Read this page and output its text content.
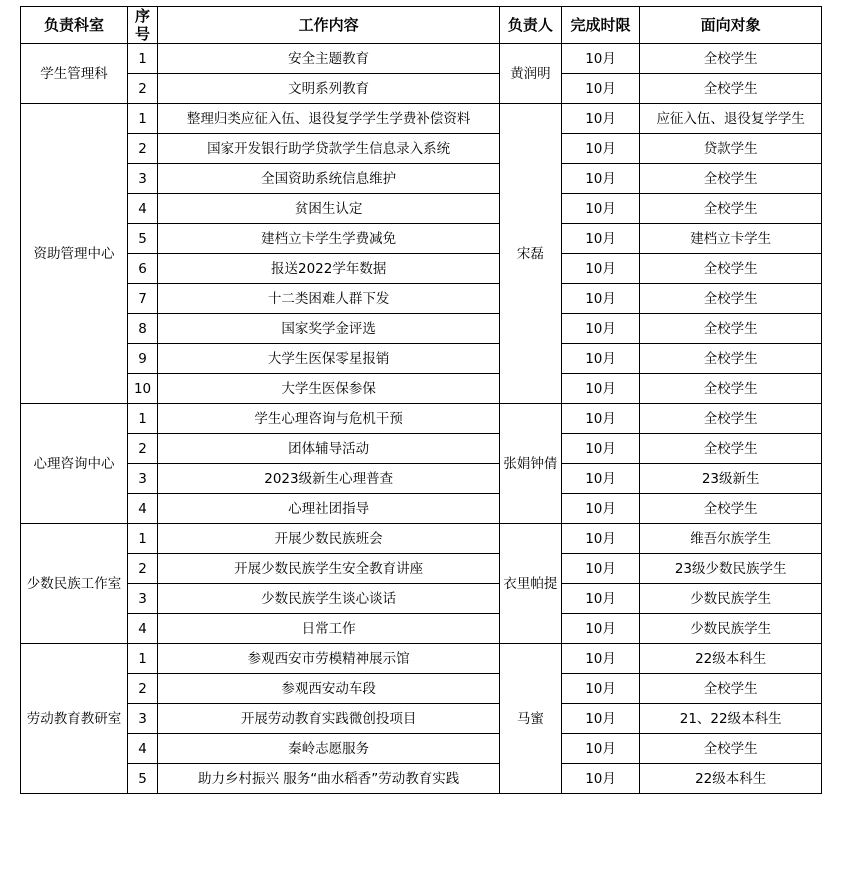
负责科室	序号	工作内容	负责人	完成时限	面向对象
学生管理科	1	安全主题教育	黄润明	10月	全校学生
	2	文明系列教育		10月	全校学生
资助管理中心	1	整理归类应征入伍、退役复学学生学费补偿资料	宋磊	10月	应征入伍、退役复学学生
	2	国家开发银行助学贷款学生信息录入系统		10月	贷款学生
	3	全国资助系统信息维护		10月	全校学生
	4	贫困生认定		10月	全校学生
	5	建档立卡学生学费减免		10月	建档立卡学生
	6	报送2022学年数据		10月	全校学生
	7	十二类困难人群下发		10月	全校学生
	8	国家奖学金评选		10月	全校学生
	9	大学生医保零星报销		10月	全校学生
	10	大学生医保参保		10月	全校学生
心理咨询中心	1	学生心理咨询与危机干预	张娟钟倩	10月	全校学生
	2	团体辅导活动		10月	全校学生
	3	2023级新生心理普查		10月	23级新生
	4	心理社团指导		10月	全校学生
少数民族工作室	1	开展少数民族班会	衣里帕提	10月	维吾尔族学生
	2	开展少数民族学生安全教育讲座		10月	23级少数民族学生
	3	少数民族学生谈心谈话		10月	少数民族学生
	4	日常工作		10月	少数民族学生
劳动教育教研室	1	参观西安市劳模精神展示馆	马蜜	10月	22级本科生
	2	参观西安动车段		10月	全校学生
	3	开展劳动教育实践微创投项目		10月	21、22级本科生
	4	秦岭志愿服务		10月	全校学生
	5	助力乡村振兴 服务“曲水稻香”劳动教育实践		10月	22级本科生
